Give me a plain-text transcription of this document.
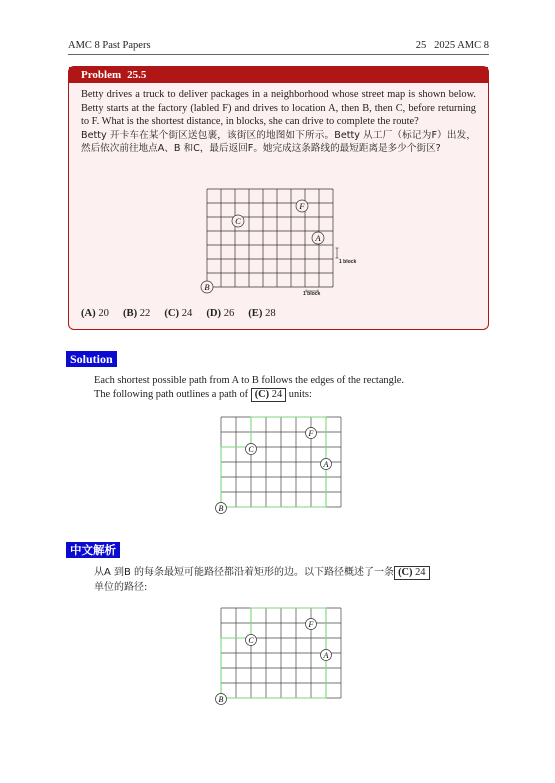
AMC 8 Past Papers	25 2025 AMC 8
Problem 25.5

Betty drives a truck to deliver packages in a neighborhood whose street map is shown below. Betty starts at the factory (labled F) and drives to location A, then B, then C, before returning to F. What is the shortest distance, in blocks, she can drive to complete the route?

Betty 开卡车在某个街区送包裹，该街区的地图如下所示。Betty 从工厂（标记为F）出发，然后依次前往地点A、B 和C，最后返回F。她完成这条路线的最短距离是多少个街区?

C
F
A
B
1 block
1 block
(A) 20 (B) 22 (C) 24 (D) 26 (E) 28
Solution
Each shortest possible path from A to B follows the edges of the rectangle.
The following path outlines a path of (C) 24 units:
C
F
A
B
中文解析
从A 到B 的每条最短可能路径都沿着矩形的边。以下路径概述了一条 (C) 24
单位的路径:
C
F
A
B
